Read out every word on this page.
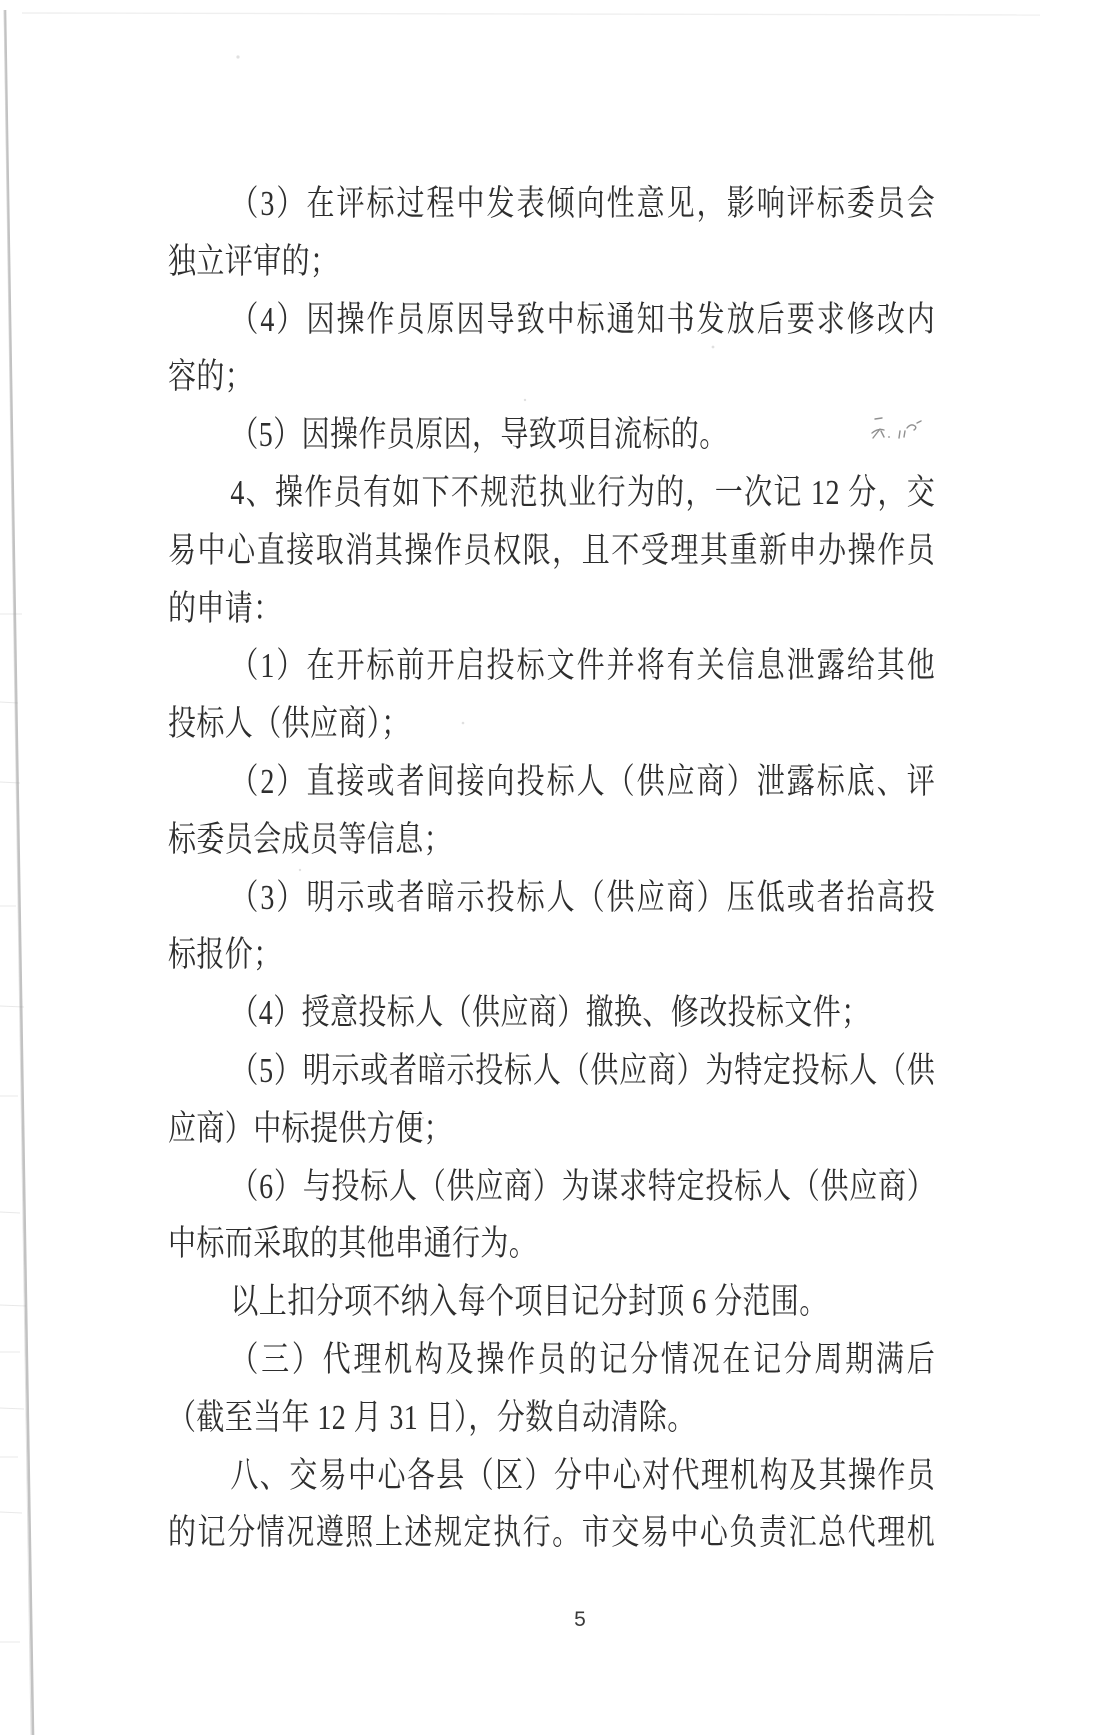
（3）在评标过程中发表倾向性意见，影响评标委员会
独立评审的；
（4）因操作员原因导致中标通知书发放后要求修改内
容的；
（5）因操作员原因，导致项目流标的。
4、操作员有如下不规范执业行为的，一次记 12 分，交
易中心直接取消其操作员权限，且不受理其重新申办操作员
的申请：
（1）在开标前开启投标文件并将有关信息泄露给其他
投标人（供应商）；
（2）直接或者间接向投标人（供应商）泄露标底、评
标委员会成员等信息；
（3）明示或者暗示投标人（供应商）压低或者抬高投
标报价；
（4）授意投标人（供应商）撤换、修改投标文件；
（5）明示或者暗示投标人（供应商）为特定投标人（供
应商）中标提供方便；
（6）与投标人（供应商）为谋求特定投标人（供应商）
中标而采取的其他串通行为。
以上扣分项不纳入每个项目记分封顶 6 分范围。
（三）代理机构及操作员的记分情况在记分周期满后
（截至当年 12 月 31 日），分数自动清除。
八、交易中心各县（区）分中心对代理机构及其操作员
的记分情况遵照上述规定执行。市交易中心负责汇总代理机
5
